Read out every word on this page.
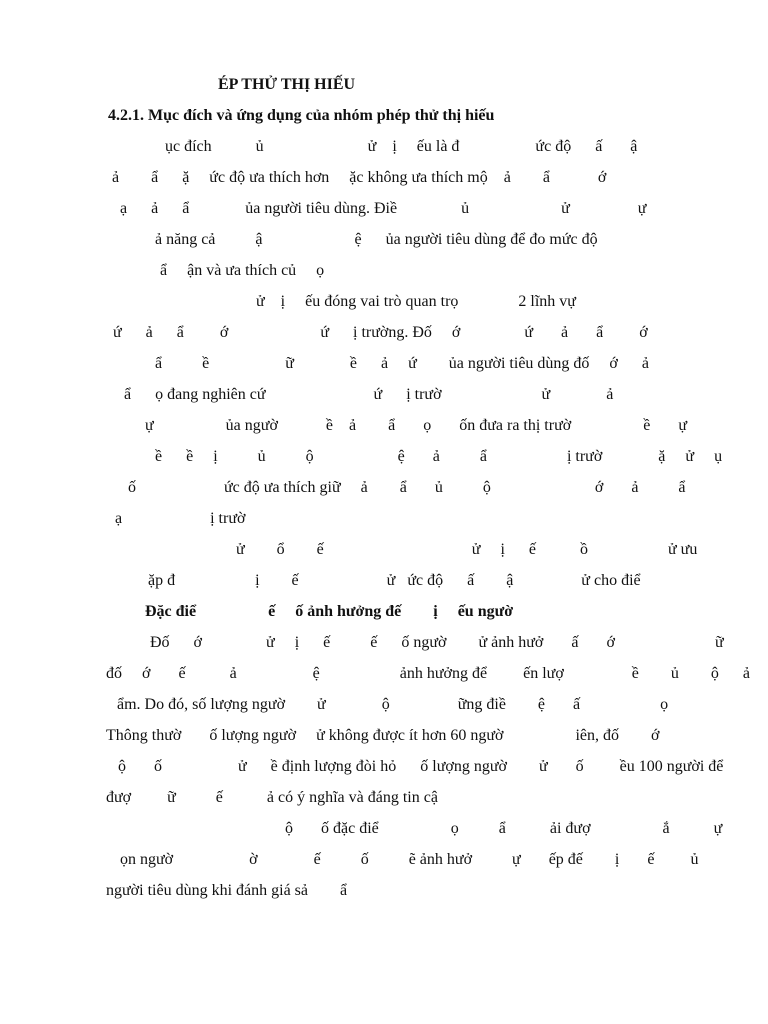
ÉP THỬ THỊ HIẾU
4.2.1. Mục đích và ứng dụng của nhóm phép thử thị hiếu
ục đích           ủ                          ử    ị     ếu là đ                   ức độ      ấ       ậ
ả        ẩ      ặ     ức độ ưa thích hơn     ặc không ưa thích mộ    ả        ẩ            ớ
ạ      ả      ẩ              ủa người tiêu dùng. Điề                ủ                       ử                 ự
ả năng cả          ậ                       ệ      ủa người tiêu dùng để đo mức độ
ẩ     ận và ưa thích củ     ọ
ử    ị     ếu đóng vai trò quan trọ               2 lĩnh vự
ứ      ả      ẩ         ớ                       ứ      ị trường. Đố     ớ                ứ       ả       ẩ         ớ
ẩ          ề                   ữ              ề      ả     ứ        ủa người tiêu dùng đố     ớ      ả
ẩ      ọ đang nghiên cứ                           ứ      ị trườ                         ử              ả
ự                  ủa ngườ            ề    ả        ẩ       ọ       ốn đưa ra thị trườ                  ề       ự
ề      ề     ị          ủ          ộ                     ệ       ả          ẩ                    ị trườ              ặ     ử     ụ
ố                      ức độ ưa thích giữ     ả        ẩ       ủ          ộ                          ớ       ả          ẩ
ạ                      ị trườ
ử        ổ        ế                                     ử     ị      ế           ồ                    ử ưu
ặp đ                    ị        ế                      ử   ức độ      ấ        ậ                 ử cho điể
Đặc điể                  ế     ố ảnh hưởng đế        ị     ếu ngườ
Đố      ớ                ử     ị      ế          ế      ố ngườ        ử ảnh hưở       ấ       ớ                         ữ
đố     ớ       ế           ả                   ệ                    ảnh hưởng để         ến lượ                 ề        ủ        ộ      ả
ẩm. Do đó, số lượng ngườ        ử              ộ                 ững điề        ệ       ấ                    ọ
Thông thườ       ố lượng ngườ     ử không được ít hơn 60 ngườ                  iên, đố        ớ
ộ       ố                   ử      ề định lượng đòi hỏ      ố lượng ngườ        ử       ố         ều 100 người để
đượ         ữ          ế           ả có ý nghĩa và đáng tin cậ
ộ       ố đặc điể                  ọ          ẩ           ải đượ                  ắ           ự
ọn ngườ                   ờ              ế          ố          ẽ ảnh hưở          ự       ếp đế        ị       ế         ủ
người tiêu dùng khi đánh giá sả        ẩ
